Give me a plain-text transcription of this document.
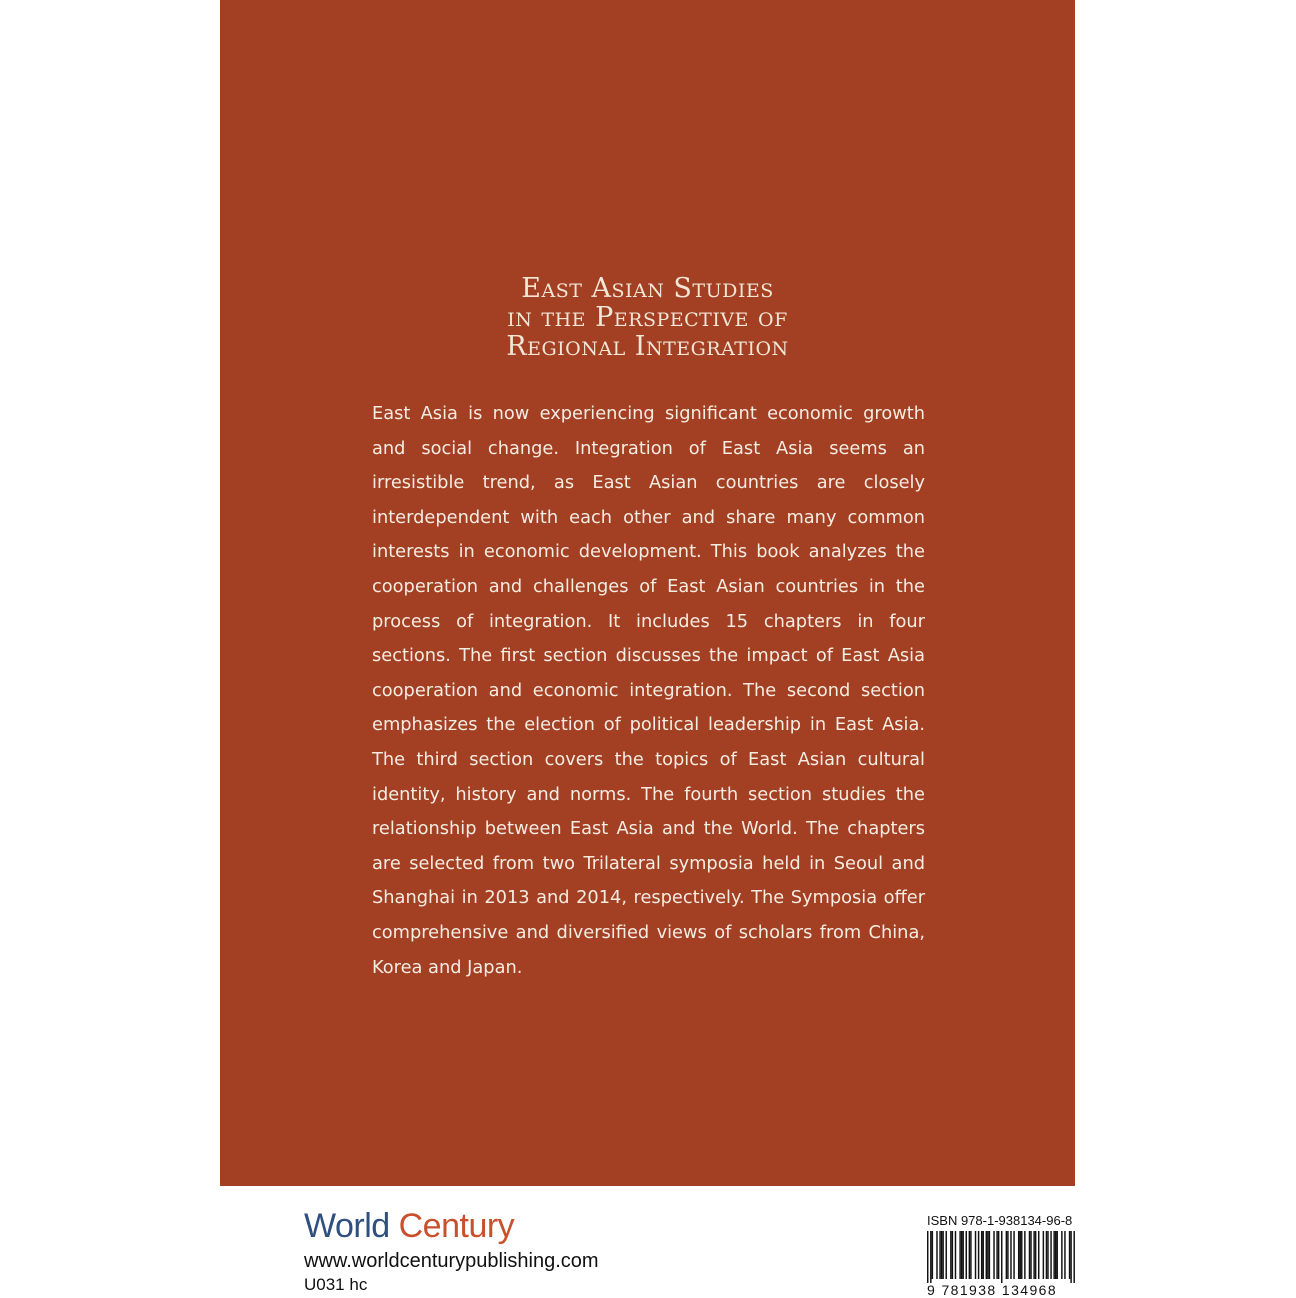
East Asian Studies
in the Perspective of
Regional Integration

East Asia is now experiencing significant economic growth and social change. Integration of East Asia seems an irresistible trend, as East Asian countries are closely interdependent with each other and share many common interests in economic development. This book analyzes the cooperation and challenges of East Asian countries in the process of integration. It includes 15 chapters in four sections. The first section discusses the impact of East Asia cooperation and economic integration. The second section emphasizes the election of political leadership in East Asia. The third section covers the topics of East Asian cultural identity, history and norms. The fourth section studies the relationship between East Asia and the World. The chapters are selected from two Trilateral symposia held in Seoul and Shanghai in 2013 and 2014, respectively. The Symposia offer comprehensive and diversified views of scholars from China, Korea and Japan.

World Century
www.worldcenturypublishing.com
U031 hc
ISBN 978-1-938134-96-8
9 781938 134968
